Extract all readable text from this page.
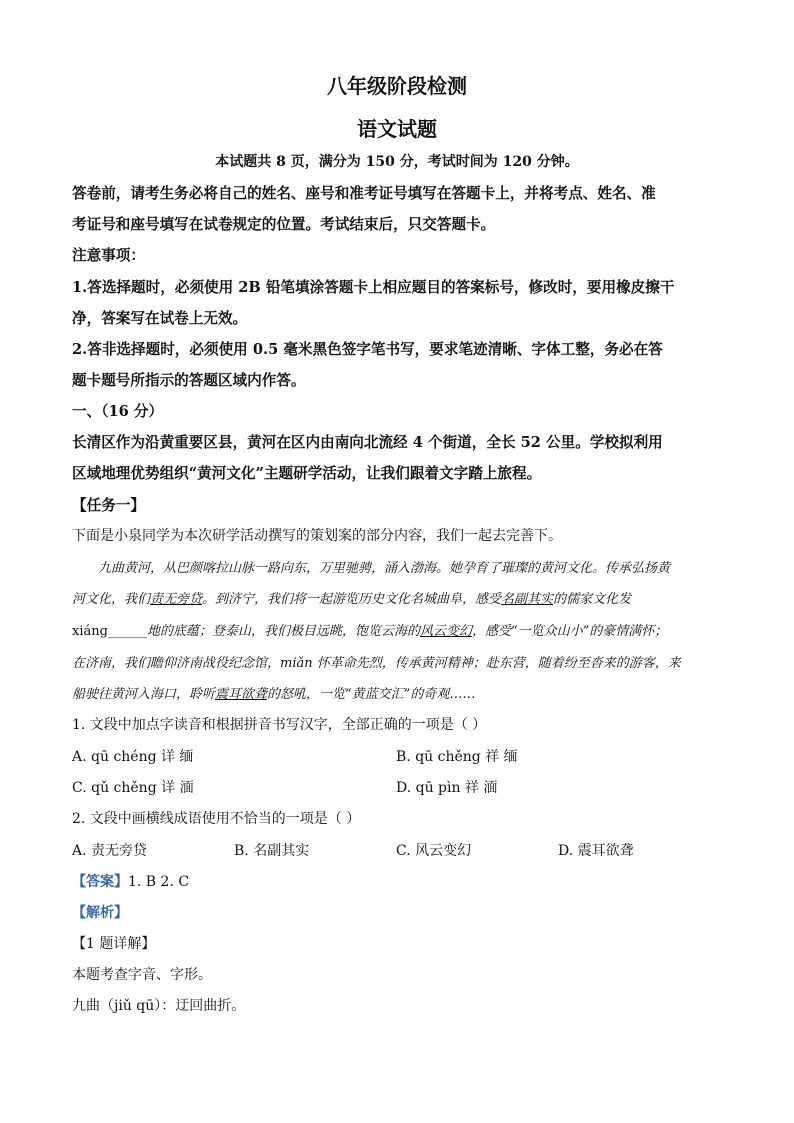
八年级阶段检测
语文试题
本试题共 8 页，满分为 150 分，考试时间为 120 分钟。
答卷前，请考生务必将自己的姓名、座号和准考证号填写在答题卡上，并将考点、姓名、准
考证号和座号填写在试卷规定的位置。考试结束后，只交答题卡。
注意事项：
1.答选择题时，必须使用 2B 铅笔填涂答题卡上相应题目的答案标号，修改时，要用橡皮擦干
净，答案写在试卷上无效。
2.答非选择题时，必须使用 0.5 毫米黑色签字笔书写，要求笔迹清晰、字体工整，务必在答
题卡题号所指示的答题区域内作答。
一、（16 分）
长清区作为沿黄重要区县，黄河在区内由南向北流经 4 个街道，全长 52 公里。学校拟利用
区域地理优势组织“黄河文化”主题研学活动，让我们跟着文字踏上旅程。
【任务一】
下面是小泉同学为本次研学活动撰写的策划案的部分内容，我们一起去完善下。
九曲黄河，从巴颜喀拉山脉一路向东，万里驰骋，涌入渤海。她孕育了璀璨的黄河文化。传承弘扬黄
河文化，我们责无旁贷。到济宁，我们将一起游览历史文化名城曲阜，感受名副其实的儒家文化发
xiáng______地的底蕴；登泰山，我们极目远眺，饱览云海的风云变幻，感受“一览众山小”的豪情满怀；
在济南，我们瞻仰济南战役纪念馆，miǎn 怀革命先烈，传承黄河精神；赴东营，随着纷至沓来的游客，来
船驶往黄河入海口，聆听震耳欲聋的怒吼，一览“黄蓝交汇”的奇观……
1. 文段中加点字读音和根据拼音书写汉字，全部正确的一项是（ ）
A. qū chéng 详 缅	B. qū chěng 祥 缅
C. qǔ chěng 详 湎	D. qū pìn 祥 湎
2. 文段中画横线成语使用不恰当的一项是（ ）
A. 责无旁贷	B. 名副其实	C. 风云变幻	D. 震耳欲聋
【答案】1. B 2. C
【解析】
【1 题详解】
本题考查字音、字形。
九曲（jiǔ qū）：迂回曲折。
